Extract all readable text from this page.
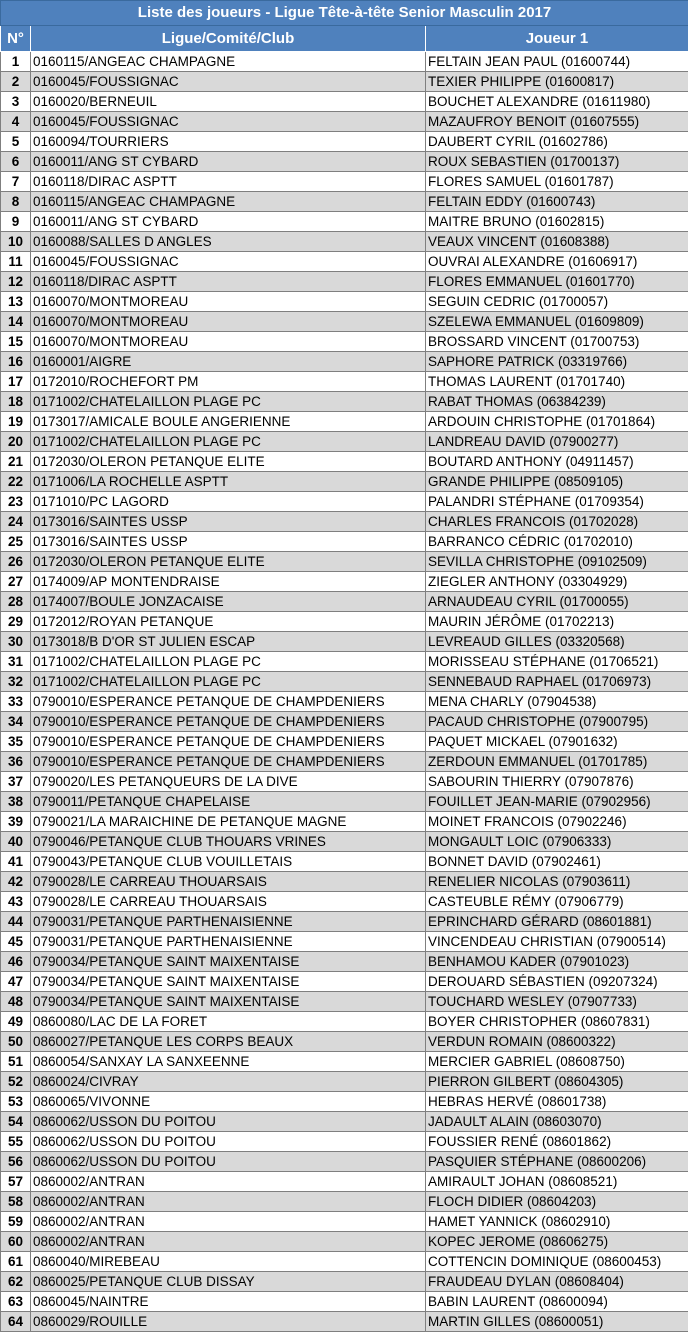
Liste des joueurs - Ligue Tête-à-tête Senior Masculin 2017		
N°	Ligue/Comité/Club	Joueur 1
1	0160115/ANGEAC CHAMPAGNE	FELTAIN JEAN PAUL (01600744)
2	0160045/FOUSSIGNAC	TEXIER PHILIPPE (01600817)
3	0160020/BERNEUIL	BOUCHET ALEXANDRE (01611980)
4	0160045/FOUSSIGNAC	MAZAUFROY BENOIT (01607555)
5	0160094/TOURRIERS	DAUBERT CYRIL (01602786)
6	0160011/ANG ST CYBARD	ROUX SEBASTIEN (01700137)
7	0160118/DIRAC ASPTT	FLORES SAMUEL (01601787)
8	0160115/ANGEAC CHAMPAGNE	FELTAIN EDDY (01600743)
9	0160011/ANG ST CYBARD	MAITRE BRUNO (01602815)
10	0160088/SALLES D ANGLES	VEAUX VINCENT (01608388)
11	0160045/FOUSSIGNAC	OUVRAI ALEXANDRE (01606917)
12	0160118/DIRAC ASPTT	FLORES EMMANUEL (01601770)
13	0160070/MONTMOREAU	SEGUIN CEDRIC (01700057)
14	0160070/MONTMOREAU	SZELEWA EMMANUEL (01609809)
15	0160070/MONTMOREAU	BROSSARD VINCENT (01700753)
16	0160001/AIGRE	SAPHORE PATRICK (03319766)
17	0172010/ROCHEFORT PM	THOMAS LAURENT (01701740)
18	0171002/CHATELAILLON PLAGE PC	RABAT THOMAS (06384239)
19	0173017/AMICALE BOULE ANGERIENNE	ARDOUIN CHRISTOPHE (01701864)
20	0171002/CHATELAILLON PLAGE PC	LANDREAU DAVID (07900277)
21	0172030/OLERON PETANQUE ELITE	BOUTARD ANTHONY (04911457)
22	0171006/LA ROCHELLE ASPTT	GRANDE PHILIPPE (08509105)
23	0171010/PC LAGORD	PALANDRI STÉPHANE (01709354)
24	0173016/SAINTES USSP	CHARLES FRANCOIS (01702028)
25	0173016/SAINTES USSP	BARRANCO CÉDRIC (01702010)
26	0172030/OLERON PETANQUE ELITE	SEVILLA CHRISTOPHE (09102509)
27	0174009/AP MONTENDRAISE	ZIEGLER ANTHONY (03304929)
28	0174007/BOULE JONZACAISE	ARNAUDEAU CYRIL (01700055)
29	0172012/ROYAN PETANQUE	MAURIN JÉRÔME (01702213)
30	0173018/B D'OR ST JULIEN ESCAP	LEVREAUD GILLES (03320568)
31	0171002/CHATELAILLON PLAGE PC	MORISSEAU STÉPHANE (01706521)
32	0171002/CHATELAILLON PLAGE PC	SENNEBAUD RAPHAEL (01706973)
33	0790010/ESPERANCE PETANQUE DE CHAMPDENIERS	MENA CHARLY (07904538)
34	0790010/ESPERANCE PETANQUE DE CHAMPDENIERS	PACAUD CHRISTOPHE (07900795)
35	0790010/ESPERANCE PETANQUE DE CHAMPDENIERS	PAQUET MICKAEL (07901632)
36	0790010/ESPERANCE PETANQUE DE CHAMPDENIERS	ZERDOUN EMMANUEL (01701785)
37	0790020/LES PETANQUEURS DE LA DIVE	SABOURIN THIERRY (07907876)
38	0790011/PETANQUE CHAPELAISE	FOUILLET JEAN-MARIE (07902956)
39	0790021/LA MARAICHINE DE PETANQUE MAGNE	MOINET FRANCOIS (07902246)
40	0790046/PETANQUE CLUB THOUARS VRINES	MONGAULT LOIC (07906333)
41	0790043/PETANQUE CLUB VOUILLETAIS	BONNET DAVID (07902461)
42	0790028/LE CARREAU THOUARSAIS	RENELIER NICOLAS (07903611)
43	0790028/LE CARREAU THOUARSAIS	CASTEUBLE RÉMY (07906779)
44	0790031/PETANQUE PARTHENAISIENNE	EPRINCHARD GÉRARD (08601881)
45	0790031/PETANQUE PARTHENAISIENNE	VINCENDEAU CHRISTIAN (07900514)
46	0790034/PETANQUE SAINT MAIXENTAISE	BENHAMOU KADER (07901023)
47	0790034/PETANQUE SAINT MAIXENTAISE	DEROUARD SÉBASTIEN (09207324)
48	0790034/PETANQUE SAINT MAIXENTAISE	TOUCHARD WESLEY (07907733)
49	0860080/LAC DE LA FORET	BOYER CHRISTOPHER (08607831)
50	0860027/PETANQUE LES CORPS BEAUX	VERDUN ROMAIN (08600322)
51	0860054/SANXAY LA SANXEENNE	MERCIER GABRIEL (08608750)
52	0860024/CIVRAY	PIERRON GILBERT (08604305)
53	0860065/VIVONNE	HEBRAS HERVÉ (08601738)
54	0860062/USSON DU POITOU	JADAULT ALAIN (08603070)
55	0860062/USSON DU POITOU	FOUSSIER RENÉ (08601862)
56	0860062/USSON DU POITOU	PASQUIER STÉPHANE (08600206)
57	0860002/ANTRAN	AMIRAULT JOHAN (08608521)
58	0860002/ANTRAN	FLOCH DIDIER (08604203)
59	0860002/ANTRAN	HAMET YANNICK (08602910)
60	0860002/ANTRAN	KOPEC JEROME (08606275)
61	0860040/MIREBEAU	COTTENCIN DOMINIQUE (08600453)
62	0860025/PETANQUE CLUB DISSAY	FRAUDEAU DYLAN (08608404)
63	0860045/NAINTRE	BABIN LAURENT (08600094)
64	0860029/ROUILLE	MARTIN GILLES (08600051)
